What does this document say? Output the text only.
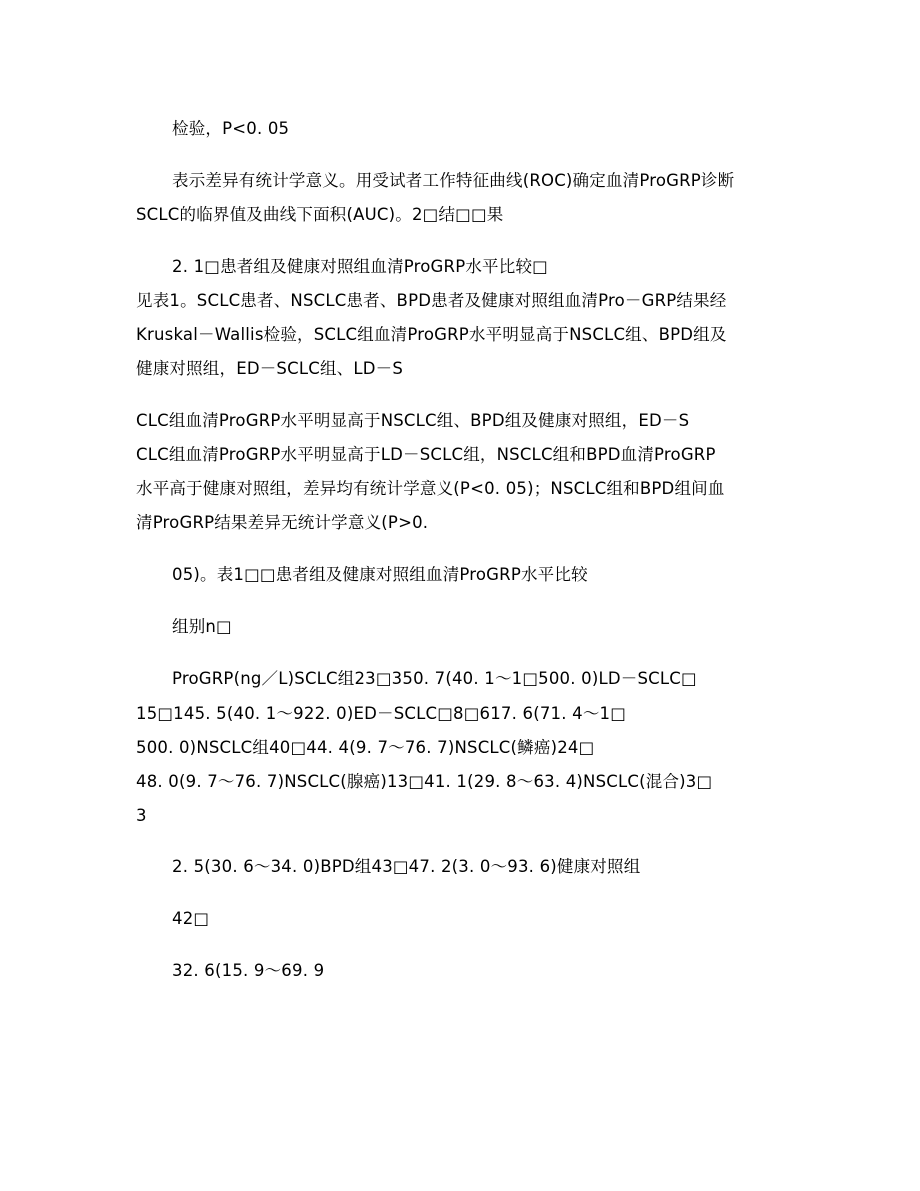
检验，P<0. 05
表示差异有统计学意义。用受试者工作特征曲线(ROC)确定血清ProGRP诊断
SCLC的临界值及曲线下面积(AUC)。2□结□□果
2. 1□患者组及健康对照组血清ProGRP水平比较□
见表1。SCLC患者、NSCLC患者、BPD患者及健康对照组血清Pro－GRP结果经
Kruskal－Wallis检验，SCLC组血清ProGRP水平明显高于NSCLC组、BPD组及
健康对照组，ED－SCLC组、LD－S
CLC组血清ProGRP水平明显高于NSCLC组、BPD组及健康对照组，ED－S
CLC组血清ProGRP水平明显高于LD－SCLC组，NSCLC组和BPD血清ProGRP
水平高于健康对照组，差异均有统计学意义(P<0. 05)；NSCLC组和BPD组间血
清ProGRP结果差异无统计学意义(P>0.
05)。表1□□患者组及健康对照组血清ProGRP水平比较
组别n□
ProGRP(ng／L)SCLC组23□350. 7(40. 1～1□500. 0)LD－SCLC□
15□145. 5(40. 1～922. 0)ED－SCLC□8□617. 6(71. 4～1□
500. 0)NSCLC组40□44. 4(9. 7～76. 7)NSCLC(鳞癌)24□
48. 0(9. 7～76. 7)NSCLC(腺癌)13□41. 1(29. 8～63. 4)NSCLC(混合)3□
3
2. 5(30. 6～34. 0)BPD组43□47. 2(3. 0～93. 6)健康对照组
42□
32. 6(15. 9～69. 9
